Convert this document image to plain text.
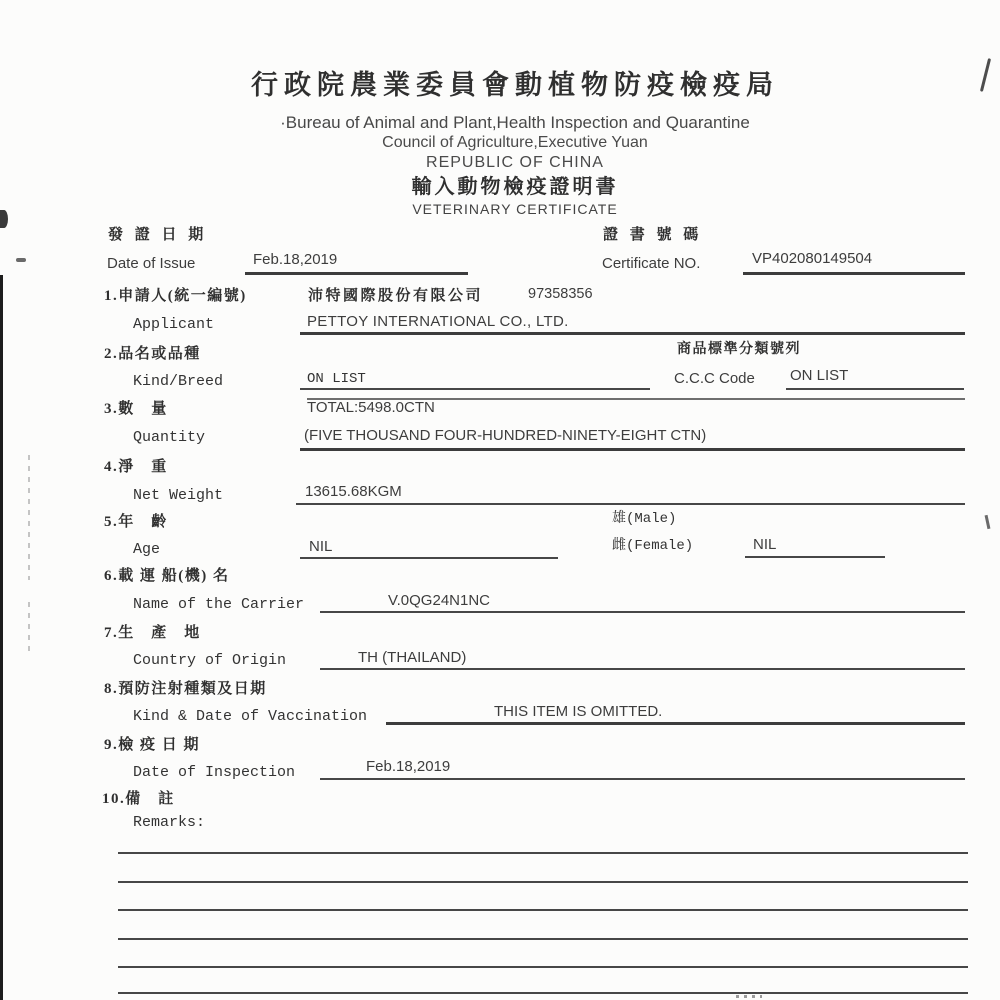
行政院農業委員會動植物防疫檢疫局
·Bureau of Animal and Plant,Health Inspection and Quarantine
Council of Agriculture,Executive Yuan
REPUBLIC OF CHINA
輸入動物檢疫證明書
VETERINARY CERTIFICATE
發 證 日 期
Date of Issue	Feb.18,2019
證 書 號 碼
Certificate NO.	VP402080149504
1.申請人(統一編號)	沛特國際股份有限公司	97358356
Applicant	PETTOY INTERNATIONAL CO., LTD.
2.品名或品種	商品標準分類號列
Kind/Breed	ON LIST	C.C.C Code ON LIST
3.數　量	TOTAL:5498.0CTN
Quantity	(FIVE THOUSAND FOUR-HUNDRED-NINETY-EIGHT CTN)
4.淨　重
Net Weight	13615.68KGM
5.年　齡	雄(Male)
Age	NIL	雌(Female)	NIL
6.載 運 船(機) 名
Name of the Carrier	V.0QG24N1NC
7.生　產　地
Country of Origin	TH (THAILAND)
8.預防注射種類及日期
Kind & Date of Vaccination	THIS ITEM IS OMITTED.
9.檢 疫 日 期
Date of Inspection	Feb.18,2019
10.備　註
Remarks:
